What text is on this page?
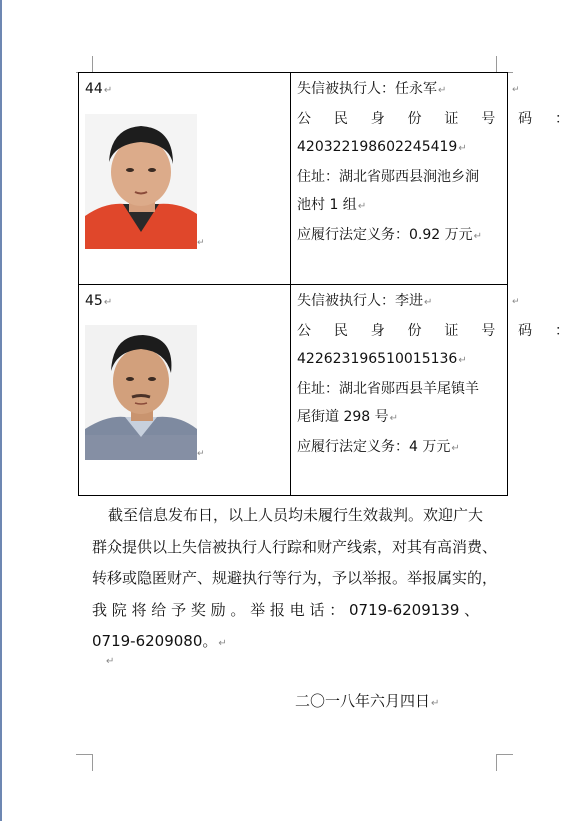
44↵
↵
失信被执行人：任永军↵
公 民 身 份 证 号 码 ：
420322198602245419↵
住址：湖北省郧西县涧池乡涧
池村 1 组↵
应履行法定义务：0.92 万元↵
45↵
↵
失信被执行人：李进↵
公 民 身 份 证 号 码 ：
422623196510015136↵
住址：湖北省郧西县羊尾镇羊
尾街道 298 号↵
应履行法定义务：4 万元↵
↵
↵
截至信息发布日，以上人员均未履行生效裁判。欢迎广大
群众提供以上失信被执行人行踪和财产线索，对其有高消费、
转移或隐匿财产、规避执行等行为，予以举报。举报属实的，
我 院 将 给 予 奖 励 。 举 报 电 话 ： 0719-6209139 、
0719-6209080。↵
↵
二〇一八年六月四日↵
